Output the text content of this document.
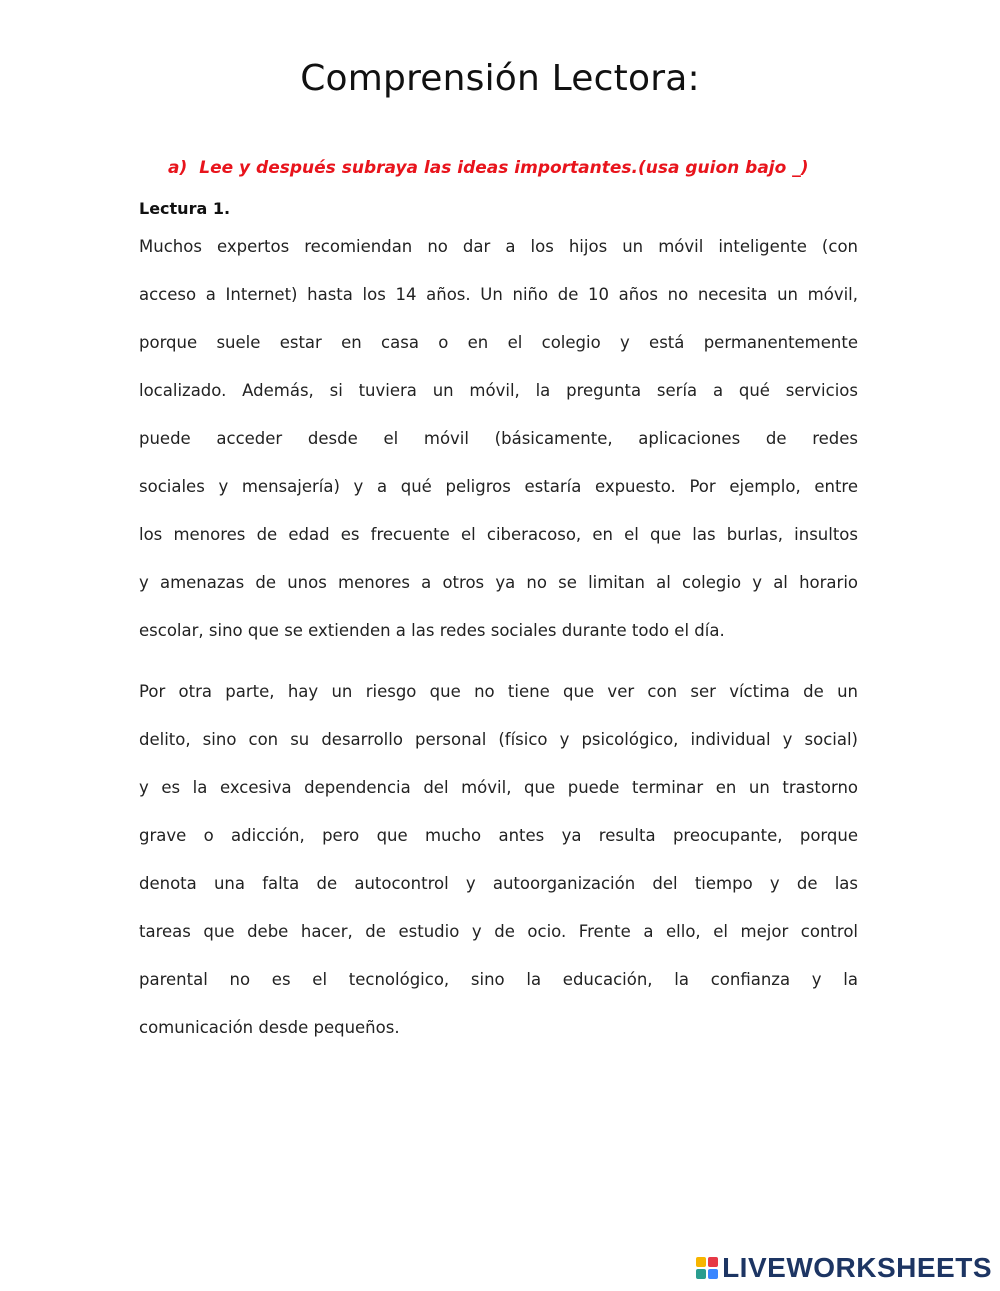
Comprensión Lectora:
a) Lee y después subraya las ideas importantes.(usa guion bajo _)
Lectura 1.
Muchos expertos recomiendan no dar a los hijos un móvil inteligente (con
acceso a Internet) hasta los 14 años. Un niño de 10 años no necesita un móvil,
porque suele estar en casa o en el colegio y está permanentemente
localizado. Además, si tuviera un móvil, la pregunta sería a qué servicios
puede acceder desde el móvil (básicamente, aplicaciones de redes
sociales y mensajería) y a qué peligros estaría expuesto. Por ejemplo, entre
los menores de edad es frecuente el ciberacoso, en el que las burlas, insultos
y amenazas de unos menores a otros ya no se limitan al colegio y al horario
escolar, sino que se extienden a las redes sociales durante todo el día.
Por otra parte, hay un riesgo que no tiene que ver con ser víctima de un
delito, sino con su desarrollo personal (físico y psicológico, individual y social)
y es la excesiva dependencia del móvil, que puede terminar en un trastorno
grave o adicción, pero que mucho antes ya resulta preocupante, porque
denota una falta de autocontrol y autoorganización del tiempo y de las
tareas que debe hacer, de estudio y de ocio. Frente a ello, el mejor control
parental no es el tecnológico, sino la educación, la confianza y la
comunicación desde pequeños.
LIVEWORKSHEETS
